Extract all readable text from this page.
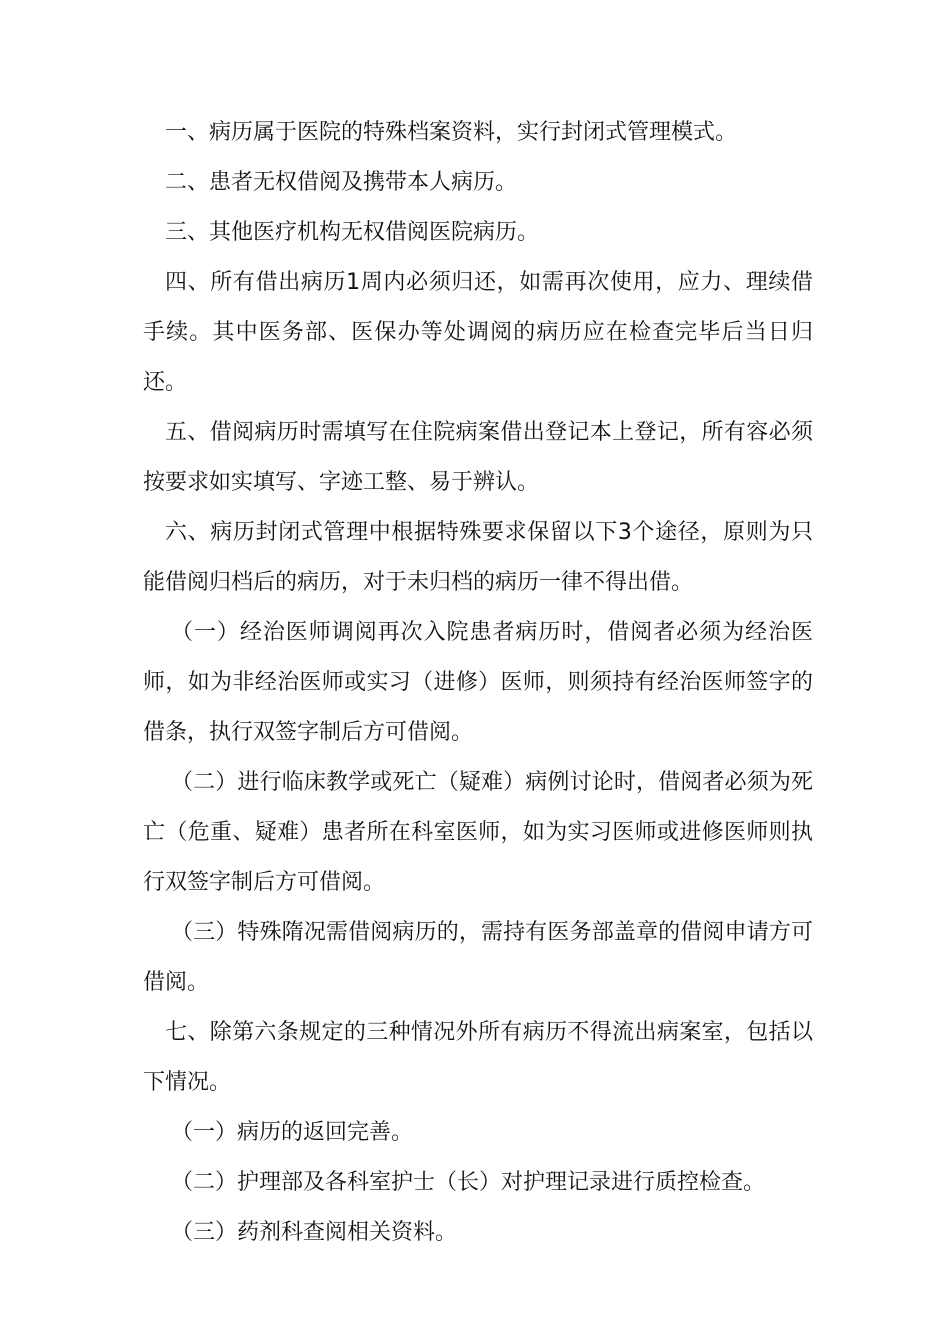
一、病历属于医院的特殊档案资料，实行封闭式管理模式。

二、患者无权借阅及携带本人病历。

三、其他医疗机构无权借阅医院病历。

四、所有借出病历1周内必须归还，如需再次使用，应力、理续借手续。其中医务部、医保办等处调阅的病历应在检查完毕后当日归还。

五、借阅病历时需填写在住院病案借出登记本上登记，所有容必须按要求如实填写、字迹工整、易于辨认。

六、病历封闭式管理中根据特殊要求保留以下3个途径，原则为只能借阅归档后的病历，对于未归档的病历一律不得出借。

（一）经治医师调阅再次入院患者病历时，借阅者必须为经治医师，如为非经治医师或实习（进修）医师，则须持有经治医师签字的借条，执行双签字制后方可借阅。

（二）进行临床教学或死亡（疑难）病例讨论时，借阅者必须为死亡（危重、疑难）患者所在科室医师，如为实习医师或进修医师则执行双签字制后方可借阅。

（三）特殊隋况需借阅病历的，需持有医务部盖章的借阅申请方可借阅。

七、除第六条规定的三种情况外所有病历不得流出病案室，包括以下情况。

（一）病历的返回完善。

（二）护理部及各科室护士（长）对护理记录进行质控检查。

（三）药剂科查阅相关资料。
